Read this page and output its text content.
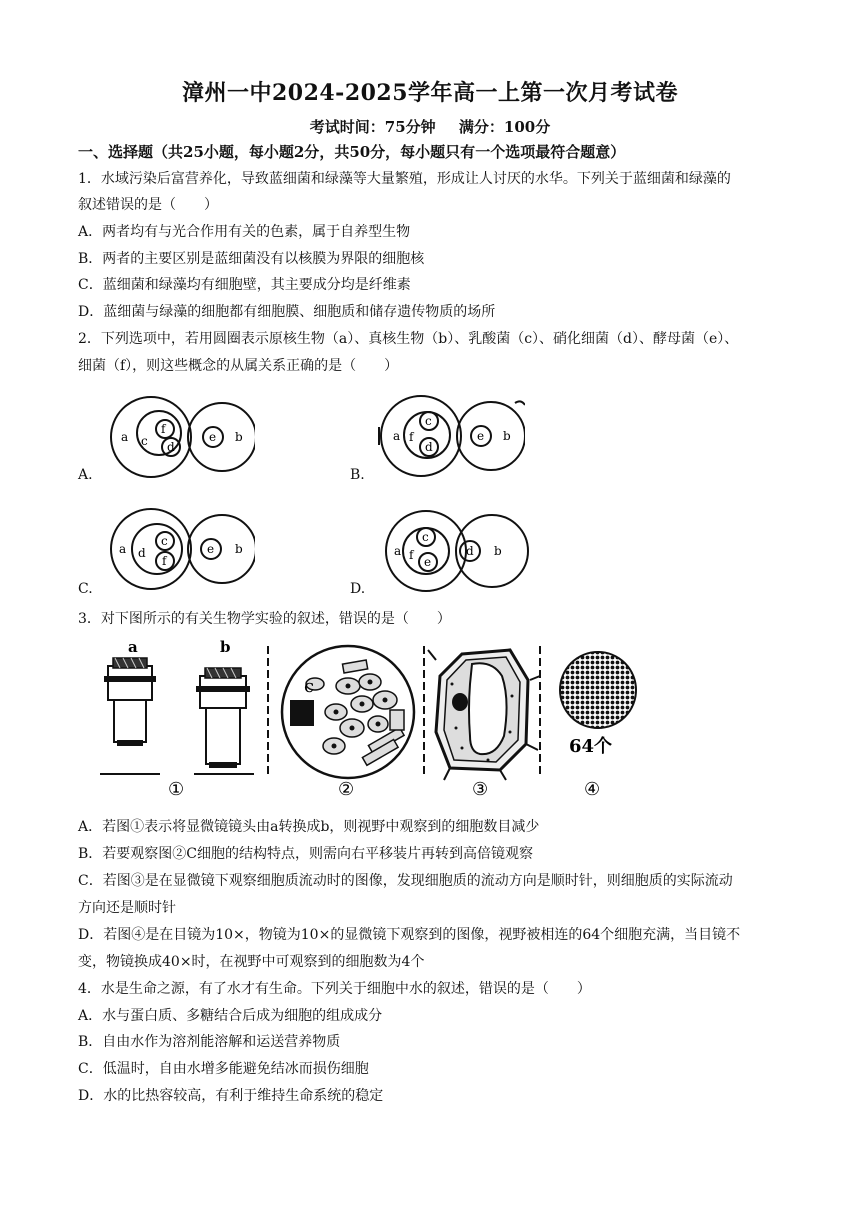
漳州一中2024-2025学年高一上第一次月考试卷
考试时间：75分钟 满分：100分
一、选择题（共25小题，每小题2分，共50分，每小题只有一个选项最符合题意）
1．水域污染后富营养化，导致蓝细菌和绿藻等大量繁殖，形成让人讨厌的水华。下列关于蓝细菌和绿藻的
叙述错误的是（　　）
A．两者均有与光合作用有关的色素，属于自养型生物
B．两者的主要区别是蓝细菌没有以核膜为界限的细胞核
C．蓝细菌和绿藻均有细胞壁，其主要成分均是纤维素
D．蓝细菌与绿藻的细胞都有细胞膜、细胞质和储存遗传物质的场所
2．下列选项中，若用圆圈表示原核生物（a）、真核生物（b）、乳酸菌（c）、硝化细菌（d）、酵母菌（e）、
细菌（f），则这些概念的从属关系正确的是（　　）
a c
f
d
e b
A.
a f
c
d
e b
B.
a d
c
f
e b
C.
a f
c
e
d b
D.
3．对下图所示的有关生物学实验的叙述，错误的是（　　）
a	b
c
64个
①	②	③	④
A．若图①表示将显微镜镜头由a转换成b，则视野中观察到的细胞数目减少
B．若要观察图②C细胞的结构特点，则需向右平移装片再转到高倍镜观察
C．若图③是在显微镜下观察细胞质流动时的图像，发现细胞质的流动方向是顺时针，则细胞质的实际流动
方向还是顺时针
D．若图④是在目镜为10×，物镜为10×的显微镜下观察到的图像，视野被相连的64个细胞充满，当目镜不
变，物镜换成40×时，在视野中可观察到的细胞数为4个
4．水是生命之源，有了水才有生命。下列关于细胞中水的叙述，错误的是（　　）
A．水与蛋白质、多糖结合后成为细胞的组成成分
B．自由水作为溶剂能溶解和运送营养物质
C．低温时，自由水增多能避免结冰而损伤细胞
D．水的比热容较高，有利于维持生命系统的稳定
